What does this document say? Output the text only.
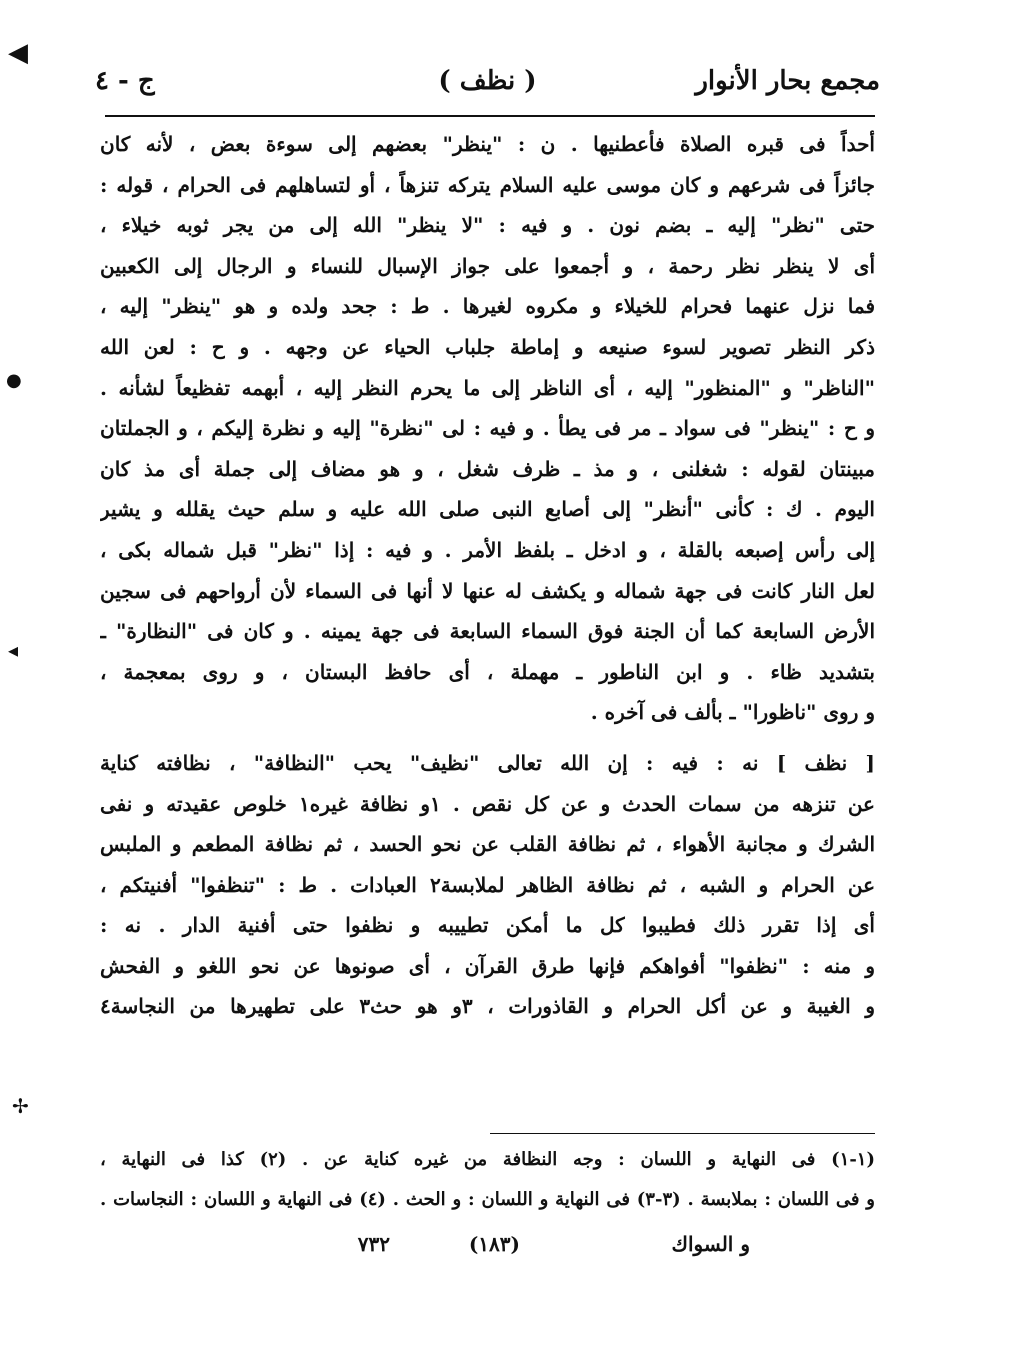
◀
●
◂
✢
مجمع بحار الأنوار
( نظف )
ج - ٤
أحداً فى قبره الصلاة فأعطنيها . ن : "ينظر" بعضهم إلى سوءة بعض ، لأنه كان
جائزاً فى شرعهم و كان موسى عليه السلام يتركه تنزهاً ، أو لتساهلهم فى الحرام ، قوله :
حتى "نظر" إليه ـ بضم نون . و فيه : "لا ينظر" الله إلى من يجر ثوبه خيلاء ،
أى لا ينظر نظر رحمة ، و أجمعوا على جواز الإسبال للنساء و الرجال إلى الكعبين
فما نزل عنهما فحرام للخيلاء و مكروه لغيرها . ط : جحد ولده و هو "ينظر" إليه ،
ذكر النظر تصوير لسوء صنيعه و إماطة جلباب الحياء عن وجهه . و ح : لعن الله
"الناظر" و "المنظور" إليه ، أى الناظر إلى ما يحرم النظر إليه ، أبهمه تفظيعاً لشأنه .
و ح : "ينظر" فى سواد ـ مر فى يطأ . و فيه : لى "نظرة" إليه و نظرة إليكم ، و الجملتان
مبينتان لقوله : شغلنى ، و مذ ـ ظرف شغل ، و هو مضاف إلى جملة أى مذ كان
اليوم . ك : كأنى "أنظر" إلى أصابع النبى صلى الله عليه و سلم حيث يقلله و يشير
إلى رأس إصبعه بالقلة ، و ادخل ـ بلفظ الأمر . و فيه : إذا "نظر" قبل شماله بكى ،
لعل النار كانت فى جهة شماله و يكشف له عنها لا أنها فى السماء لأن أرواحهم فى سجين
الأرض السابعة كما أن الجنة فوق السماء السابعة فى جهة يمينه . و كان فى "النظارة" ـ
بتشديد ظاء . و ابن الناطور ـ مهملة ، أى حافظ البستان ، و روى بمعجمة ،
و روى "ناظورا" ـ بألف فى آخره .
[ نظف ] نه : فيه : إن الله تعالى "نظيف" يحب "النظافة" ، نظافته كناية
عن تنزهه من سمات الحدث و عن كل نقص . ١و نظافة غيره١ خلوص عقيدته و نفى
الشرك و مجانبة الأهواء ، ثم نظافة القلب عن نحو الحسد ، ثم نظافة المطعم و الملبس
عن الحرام و الشبه ، ثم نظافة الظاهر لملابسة٢ العبادات . ط : "تنظفوا" أفنيتكم ،
أى إذا تقرر ذلك فطيبوا كل ما أمكن تطييبه و نظفوا حتى أفنية الدار . نه :
و منه : "نظفوا" أفواهكم فإنها طرق القرآن ، أى صونوها عن نحو اللغو و الفحش
و الغيبة و عن أكل الحرام و القاذورات ، ٣و هو حث٣ على تطهيرها من النجاسة٤
(١-١) فى النهاية و اللسان : وجه النظافة من غيره كناية عن . (٢) كذا فى النهاية ،
و فى اللسان : بملابسة . (٣-٣) فى النهاية و اللسان : و الحث . (٤) فى النهاية و اللسان : النجاسات .
و السواك
(١٨٣)
٧٣٢
